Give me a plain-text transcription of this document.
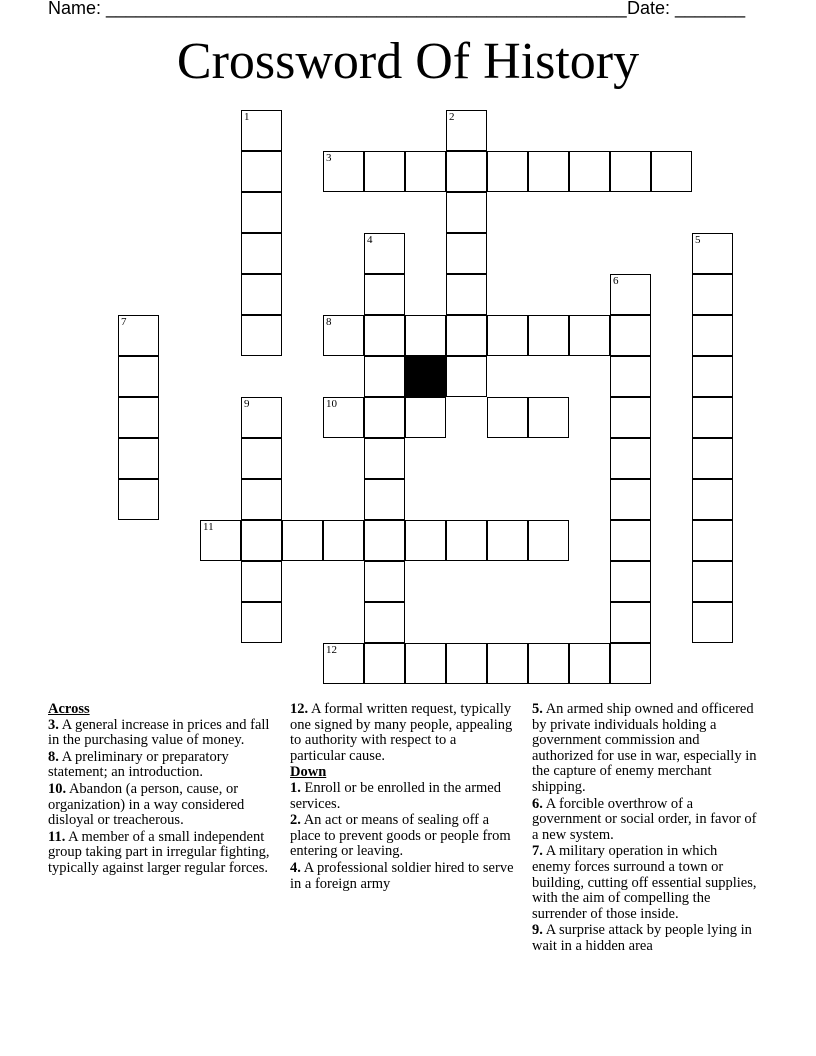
Name: ____________________________________________________ Date: _______
Crossword Of History
1	2
3
4	5
6
7	8
9	10
11
12

Across

3. A general increase in prices and fall in the purchasing value of money.

8. A preliminary or preparatory statement; an introduction.

10. Abandon (a person, cause, or organization) in a way considered disloyal or treacherous.

11. A member of a small independent group taking part in irregular fighting, typically against larger regular forces.

12. A formal written request, typically one signed by many people, appealing to authority with respect to a particular cause.

Down

1. Enroll or be enrolled in the armed services.

2. An act or means of sealing off a place to prevent goods or people from entering or leaving.

4. A professional soldier hired to serve in a foreign army

5. An armed ship owned and officered by private individuals holding a government commission and authorized for use in war, especially in the capture of enemy merchant shipping.

6. A forcible overthrow of a government or social order, in favor of a new system.

7. A military operation in which enemy forces surround a town or building, cutting off essential supplies, with the aim of compelling the surrender of those inside.

9. A surprise attack by people lying in wait in a hidden area
